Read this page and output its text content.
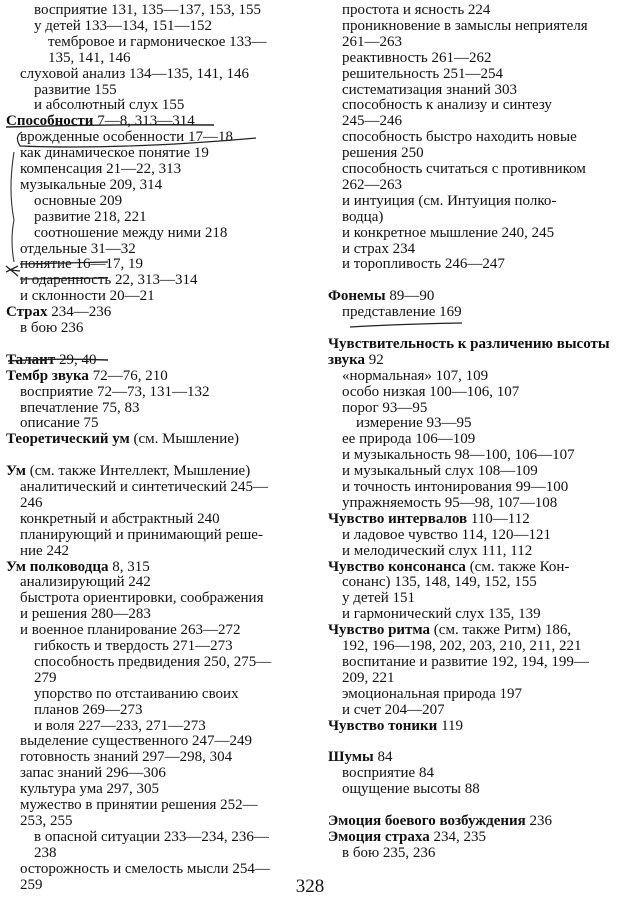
восприятие 131, 135—137, 153, 155
у детей 133—134, 151—152
тембровое и гармоническое 133—
135, 141, 146
слуховой анализ 134—135, 141, 146
развитие 155
и абсолютный слух 155
Способности 7—8, 313—314
врожденные особенности 17—18
как динамическое понятие 19
компенсация 21—22, 313
музыкальные 209, 314
основные 209
развитие 218, 221
соотношение между ними 218
отдельные 31—32
понятие 16—17, 19
и одаренность 22, 313—314
и склонности 20—21
Страх 234—236
в бою 236
Талант 29, 40
Тембр звука 72—76, 210
восприятие 72—73, 131—132
впечатление 75, 83
описание 75
Теоретический ум (см. Мышление)
Ум (см. также Интеллект, Мышление)
аналитический и синтетический 245—
246
конкретный и абстрактный 240
планирующий и принимающий реше-
ние 242
Ум полководца 8, 315
анализирующий 242
быстрота ориентировки, соображения
и решения 280—283
и военное планирование 263—272
гибкость и твердость 271—273
способность предвидения 250, 275—
279
упорство по отстаиванию своих
планов 269—273
и воля 227—233, 271—273
выделение существенного 247—249
готовность знаний 297—298, 304
запас знаний 296—306
культура ума 297, 305
мужество в принятии решения 252—
253, 255
в опасной ситуации 233—234, 236—
238
осторожность и смелость мысли 254—
259
простота и ясность 224
проникновение в замыслы неприятеля
261—263
реактивность 261—262
решительность 251—254
систематизация знаний 303
способность к анализу и синтезу
245—246
способность быстро находить новые
решения 250
способность считаться с противником
262—263
и интуиция (см. Интуиция полко-
водца)
и конкретное мышление 240, 245
и страх 234
и торопливость 246—247
Фонемы 89—90
представление 169
Чувствительность к различению высоты
звука 92
«нормальная» 107, 109
особо низкая 100—106, 107
порог 93—95
измерение 93—95
ее природа 106—109
и музыкальность 98—100, 106—107
и музыкальный слух 108—109
и точность интонирования 99—100
упражняемость 95—98, 107—108
Чувство интервалов 110—112
и ладовое чувство 114, 120—121
и мелодический слух 111, 112
Чувство консонанса (см. также Кон-
сонанс) 135, 148, 149, 152, 155
у детей 151
и гармонический слух 135, 139
Чувство ритма (см. также Ритм) 186,
192, 196—198, 202, 203, 210, 211, 221
воспитание и развитие 192, 194, 199—
209, 221
эмоциональная природа 197
и счет 204—207
Чувство тоники 119
Шумы 84
восприятие 84
ощущение высоты 88
Эмоция боевого возбуждения 236
Эмоция страха 234, 235
в бою 235, 236
328
